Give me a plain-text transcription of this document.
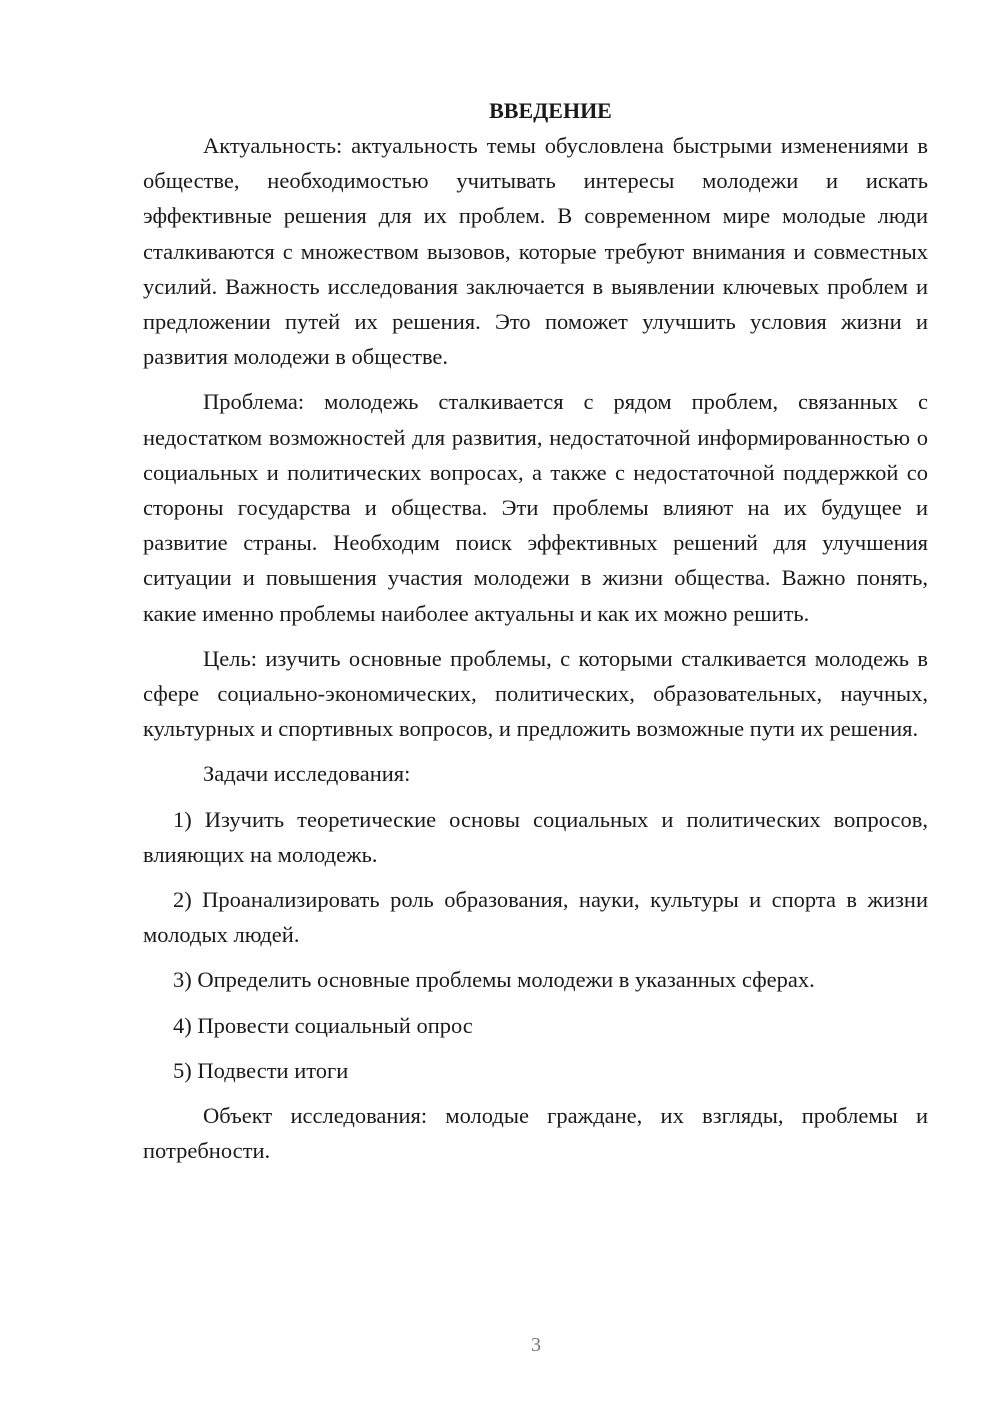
ВВЕДЕНИЕ

Актуальность: актуальность темы обусловлена быстрыми изменениями в обществе, необходимостью учитывать интересы молодежи и искать эффективные решения для их проблем. В современном мире молодые люди сталкиваются с множеством вызовов, которые требуют внимания и совместных усилий. Важность исследования заключается в выявлении ключевых проблем и предложении путей их решения. Это поможет улучшить условия жизни и развития молодежи в обществе.

Проблема: молодежь сталкивается с рядом проблем, связанных с недостатком возможностей для развития, недостаточной информированностью о социальных и политических вопросах, а также с недостаточной поддержкой со стороны государства и общества. Эти проблемы влияют на их будущее и развитие страны. Необходим поиск эффективных решений для улучшения ситуации и повышения участия молодежи в жизни общества. Важно понять, какие именно проблемы наиболее актуальны и как их можно решить.

Цель: изучить основные проблемы, с которыми сталкивается молодежь в сфере социально-экономических, политических, образовательных, научных, культурных и спортивных вопросов, и предложить возможные пути их решения.

Задачи исследования:

1) Изучить теоретические основы социальных и политических вопросов, влияющих на молодежь.

2) Проанализировать роль образования, науки, культуры и спорта в жизни молодых людей.

3) Определить основные проблемы молодежи в указанных сферах.

4) Провести социальный опрос

5) Подвести итоги

Объект исследования: молодые граждане, их взгляды, проблемы и потребности.

3
